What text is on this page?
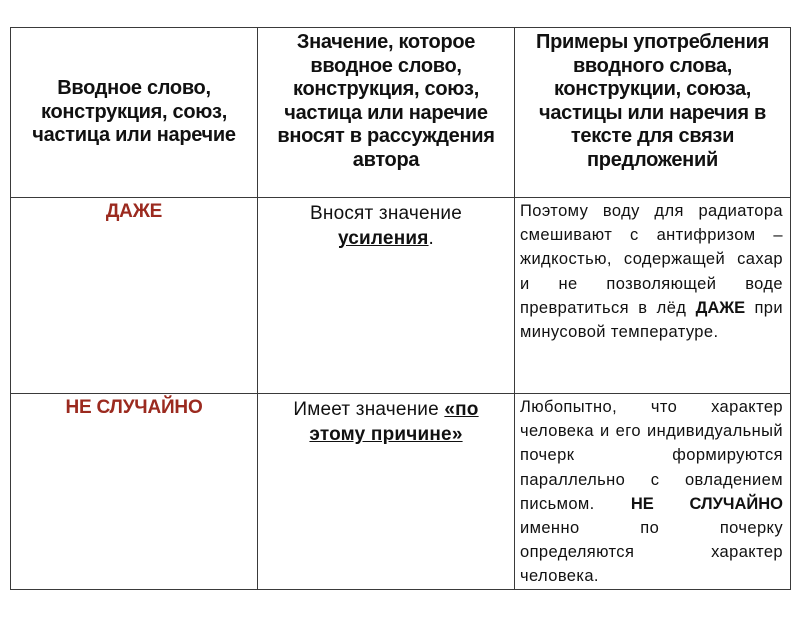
Вводное слово, конструкция, союз, частица или наречие	Значение, которое вводное слово, конструкция, союз, частица или наречие вносят в рассуждения автора	Примеры употребления вводного слова, конструкции, союза, частицы или наречия в тексте для связи предложений

ДАЖЕ	Вносят значение усиления.	Поэтому воду для радиатора смешивают с антифризом – жидкостью, содержащей сахар и не позволяющей воде превратиться в лёд ДАЖЕ при минусовой температуре.

НЕ СЛУЧАЙНО	Имеет значение «по этому причине»	Любопытно, что характер человека и его индивидуальный почерк формируются параллельно с овладением письмом. НЕ СЛУЧАЙНО именно по почерку определяются характер человека.
